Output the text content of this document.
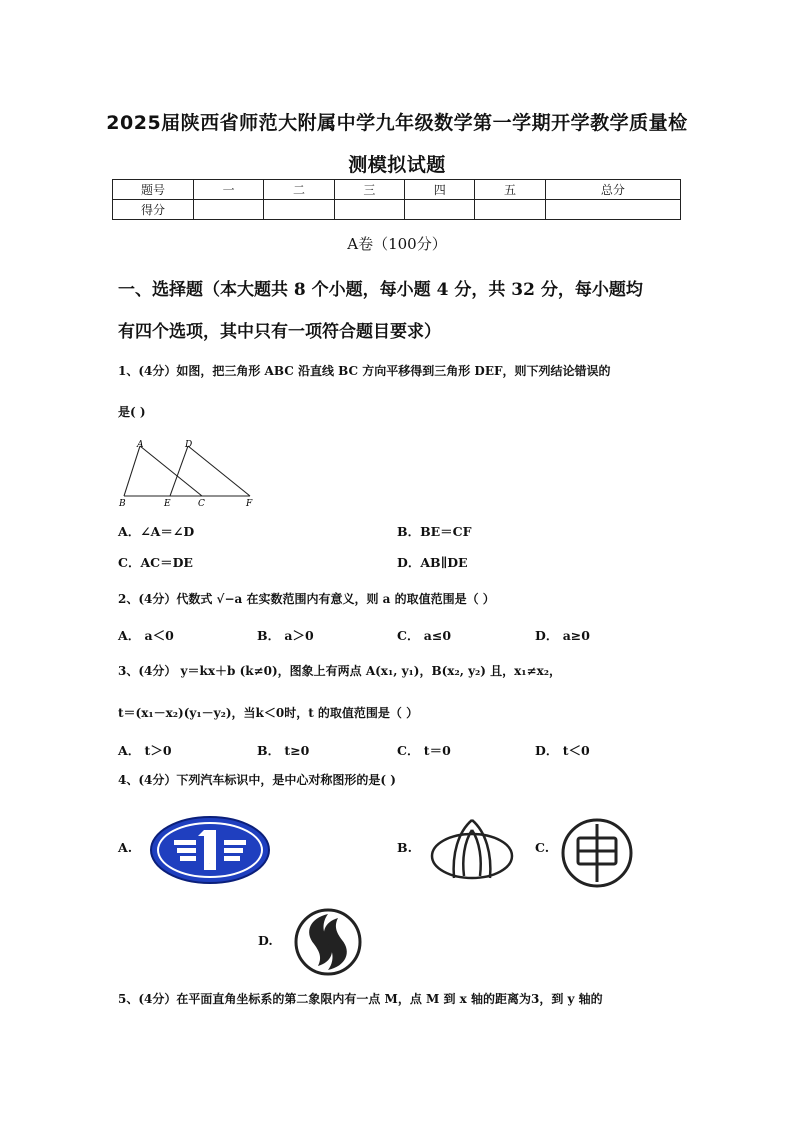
2025届陕西省师范大附属中学九年级数学第一学期开学教学质量检
测模拟试题
题号	一	二	三	四	五	总分
得分						
A卷（100分）
一、选择题（本大题共 8 个小题，每小题 4 分，共 32 分，每小题均
有四个选项，其中只有一项符合题目要求）
1、(4分）如图，把三角形 ABC 沿直线 BC 方向平移得到三角形 DEF，则下列结论错误的
是( )
A	D
B	E	C	F
A．∠A＝∠D	B．BE＝CF
C．AC＝DE	D．AB∥DE
2、(4分）代数式 √−a 在实数范围内有意义，则 a 的取值范围是（ ）
A． a＜0	B． a＞0	C． a≤0	D． a≥0
3、(4分） y＝kx＋b (k≠0)，图象上有两点 A(x₁, y₁)，B(x₂, y₂) 且，x₁≠x₂，
t＝(x₁－x₂)(y₁－y₂)，当k＜0时，t 的取值范围是（ ）
A． t＞0	B． t≥0	C． t＝0	D． t＜0
4、(4分）下列汽车标识中，是中心对称图形的是( )
A.
1
B.	C.
D.
5、(4分）在平面直角坐标系的第二象限内有一点 M，点 M 到 x 轴的距离为3，到 y 轴的
